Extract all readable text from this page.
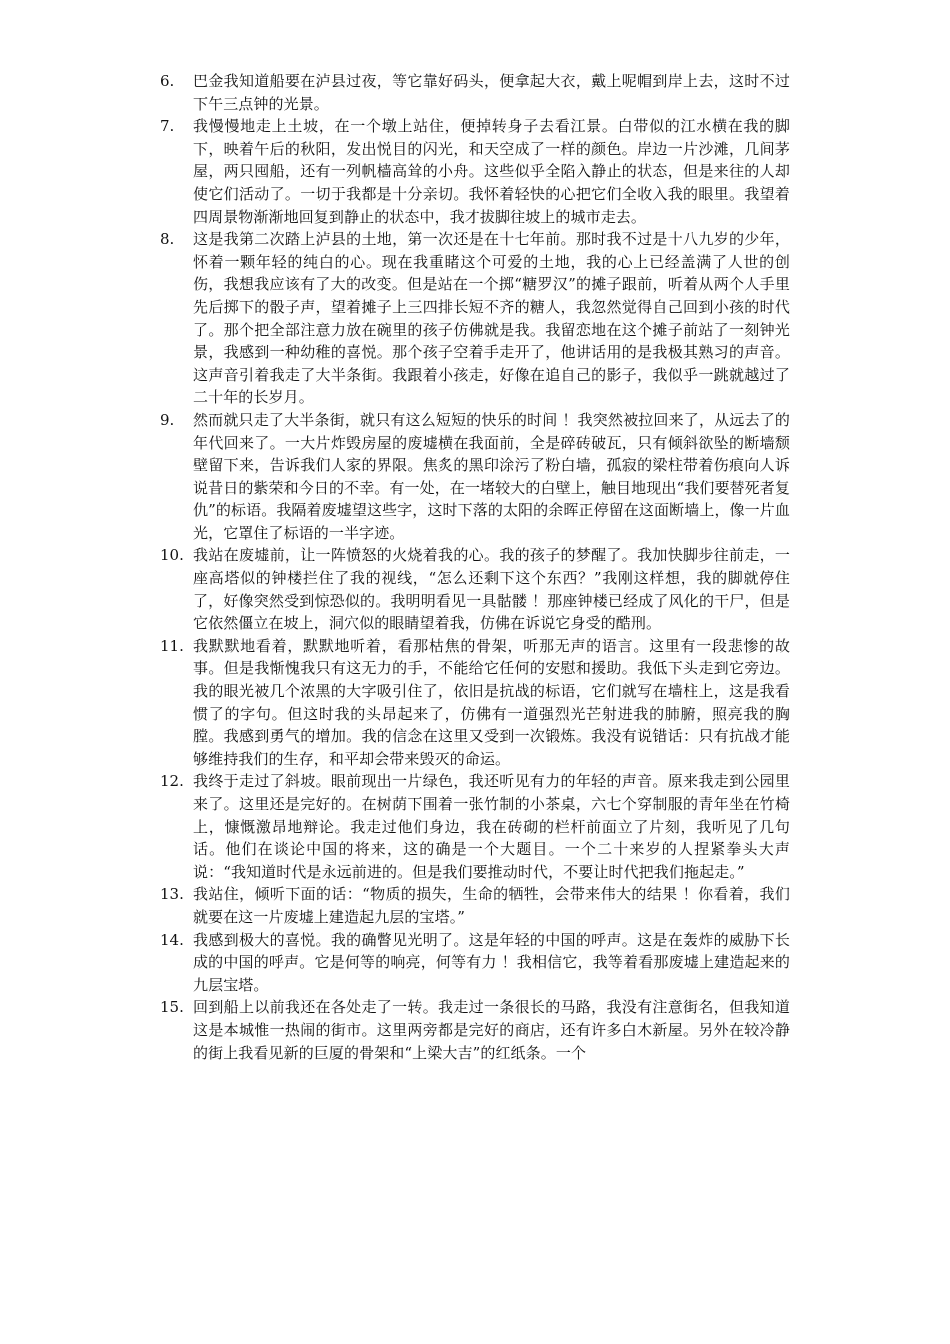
6. 巴金我知道船要在泸县过夜，等它靠好码头，便拿起大衣，戴上呢帽到岸上去，这时不过下午三点钟的光景。
7. 我慢慢地走上土坡，在一个墩上站住，便掉转身子去看江景。白带似的江水横在我的脚下，映着午后的秋阳，发出悦目的闪光，和天空成了一样的颜色。岸边一片沙滩，几间茅屋，两只囤船，还有一列帆樯高耸的小舟。这些似乎全陷入静止的状态，但是来往的人却使它们活动了。一切于我都是十分亲切。我怀着轻快的心把它们全收入我的眼里。我望着四周景物渐渐地回复到静止的状态中，我才拔脚往坡上的城市走去。
8. 这是我第二次踏上泸县的土地，第一次还是在十七年前。那时我不过是十八九岁的少年，怀着一颗年轻的纯白的心。现在我重睹这个可爱的土地，我的心上已经盖满了人世的创伤，我想我应该有了大的改变。但是站在一个掷“糖罗汉”的摊子跟前，听着从两个人手里先后掷下的骰子声，望着摊子上三四排长短不齐的糖人，我忽然觉得自己回到小孩的时代了。那个把全部注意力放在碗里的孩子仿佛就是我。我留恋地在这个摊子前站了一刻钟光景，我感到一种幼稚的喜悦。那个孩子空着手走开了，他讲话用的是我极其熟习的声音。这声音引着我走了大半条街。我跟着小孩走，好像在追自己的影子，我似乎一跳就越过了二十年的长岁月。
9. 然而就只走了大半条街，就只有这么短短的快乐的时间 ！我突然被拉回来了，从远去了的年代回来了。一大片炸毁房屋的废墟横在我面前，全是碎砖破瓦，只有倾斜欲坠的断墙颓壁留下来，告诉我们人家的界限。焦炙的黑印涂污了粉白墙，孤寂的梁柱带着伤痕向人诉说昔日的紫荣和今日的不幸。有一处，在一堵较大的白壁上，触目地现出“我们要替死者复仇”的标语。我隔着废墟望这些字，这时下落的太阳的余晖正停留在这面断墙上，像一片血光，它罩住了标语的一半字迹。
10. 我站在废墟前，让一阵愤怒的火烧着我的心。我的孩子的梦醒了。我加快脚步往前走，一座高塔似的钟楼拦住了我的视线，“怎么还剩下这个东西？”我刚这样想，我的脚就停住了，好像突然受到惊恐似的。我明明看见一具骷髅 ！那座钟楼已经成了风化的干尸，但是它依然僵立在坡上，洞穴似的眼睛望着我，仿佛在诉说它身受的酷刑。
11. 我默默地看着，默默地听着，看那枯焦的骨架，听那无声的语言。这里有一段悲惨的故事。但是我惭愧我只有这无力的手，不能给它任何的安慰和援助。我低下头走到它旁边。我的眼光被几个浓黑的大字吸引住了，依旧是抗战的标语，它们就写在墙柱上，这是我看惯了的字句。但这时我的头昂起来了，仿佛有一道强烈光芒射进我的肺腑，照亮我的胸膛。我感到勇气的增加。我的信念在这里又受到一次锻炼。我没有说错话：只有抗战才能够维持我们的生存，和平却会带来毁灭的命运。
12. 我终于走过了斜坡。眼前现出一片绿色，我还听见有力的年轻的声音。原来我走到公园里来了。这里还是完好的。在树荫下围着一张竹制的小茶桌，六七个穿制服的青年坐在竹椅上，慷慨激昂地辩论。我走过他们身边，我在砖砌的栏杆前面立了片刻，我听见了几句话。他们在谈论中国的将来，这的确是一个大题目。一个二十来岁的人捏紧拳头大声说：“我知道时代是永远前进的。但是我们要推动时代，不要让时代把我们拖起走。”
13. 我站住，倾听下面的话：“物质的损失，生命的牺牲，会带来伟大的结果 ！你看着，我们就要在这一片废墟上建造起九层的宝塔。”
14. 我感到极大的喜悦。我的确瞥见光明了。这是年轻的中国的呼声。这是在轰炸的威胁下长成的中国的呼声。它是何等的响亮，何等有力 ！我相信它，我等着看那废墟上建造起来的九层宝塔。
15. 回到船上以前我还在各处走了一转。我走过一条很长的马路，我没有注意街名，但我知道这是本城惟一热闹的街市。这里两旁都是完好的商店，还有许多白木新屋。另外在较冷静的街上我看见新的巨厦的骨架和“上梁大吉”的红纸条。一个
